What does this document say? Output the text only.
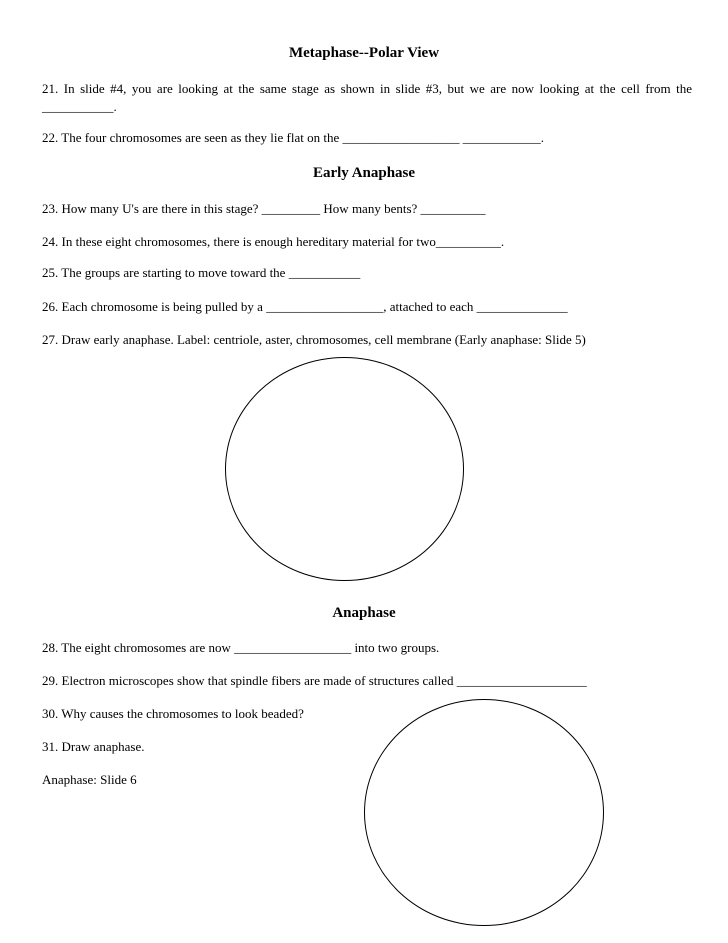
Metaphase--Polar View

21. In slide #4, you are looking at the same stage as shown in slide #3, but we are now looking at the cell from the ___________.

22. The four chromosomes are seen as they lie flat on the __________________ ____________.

Early Anaphase

23. How many U's are there in this stage? _________ How many bents? __________

24. In these eight chromosomes, there is enough hereditary material for two__________.

25. The groups are starting to move toward the ___________

26. Each chromosome is being pulled by a __________________, attached to each ______________

27. Draw early anaphase. Label: centriole, aster, chromosomes, cell membrane (Early anaphase: Slide 5)

Anaphase

28. The eight chromosomes are now __________________ into two groups.

29. Electron microscopes show that spindle fibers are made of structures called ____________________

30. Why causes the chromosomes to look beaded?

31. Draw anaphase.

Anaphase: Slide 6
